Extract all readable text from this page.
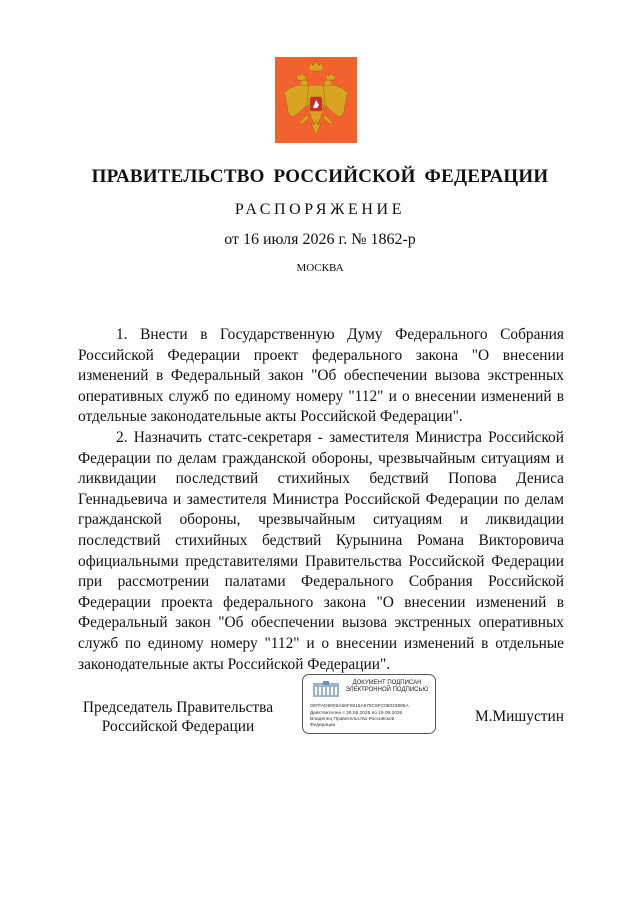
ПРАВИТЕЛЬСТВО РОССИЙСКОЙ ФЕДЕРАЦИИ
РАСПОРЯЖЕНИЕ
от 16 июля 2026 г. № 1862-р
МОСКВА

1. Внести в Государственную Думу Федерального Собрания Российской Федерации проект федерального закона "О внесении изменений в Федеральный закон "Об обеспечении вызова экстренных оперативных служб по единому номеру "112" и о внесении изменений в отдельные законодательные акты Российской Федерации".

2. Назначить статс-секретаря - заместителя Министра Российской Федерации по делам гражданской обороны, чрезвычайным ситуациям и ликвидации последствий стихийных бедствий Попова Дениса Геннадьевича и заместителя Министра Российской Федерации по делам гражданской обороны, чрезвычайным ситуациям и ликвидации последствий стихийных бедствий Курынина Романа Викторовича официальными представителями Правительства Российской Федерации при рассмотрении палатами Федерального Собрания Российской Федерации проекта федерального закона "О внесении изменений в Федеральный закон "Об обеспечении вызова экстренных оперативных служб по единому номеру "112" и о внесении изменений в отдельные законодательные акты Российской Федерации".

Председатель Правительства
Российской Федерации
ДОКУМЕНТ ПОДПИСАН
ЭЛЕКТРОННОЙ ПОДПИСЬЮ
00FFAD6006A56F0915A579C5FC08023885A
Действителен с 26.06.2025 по 19.09.2026
Владелец Правительство Российской
Федерации
М.Мишустин
